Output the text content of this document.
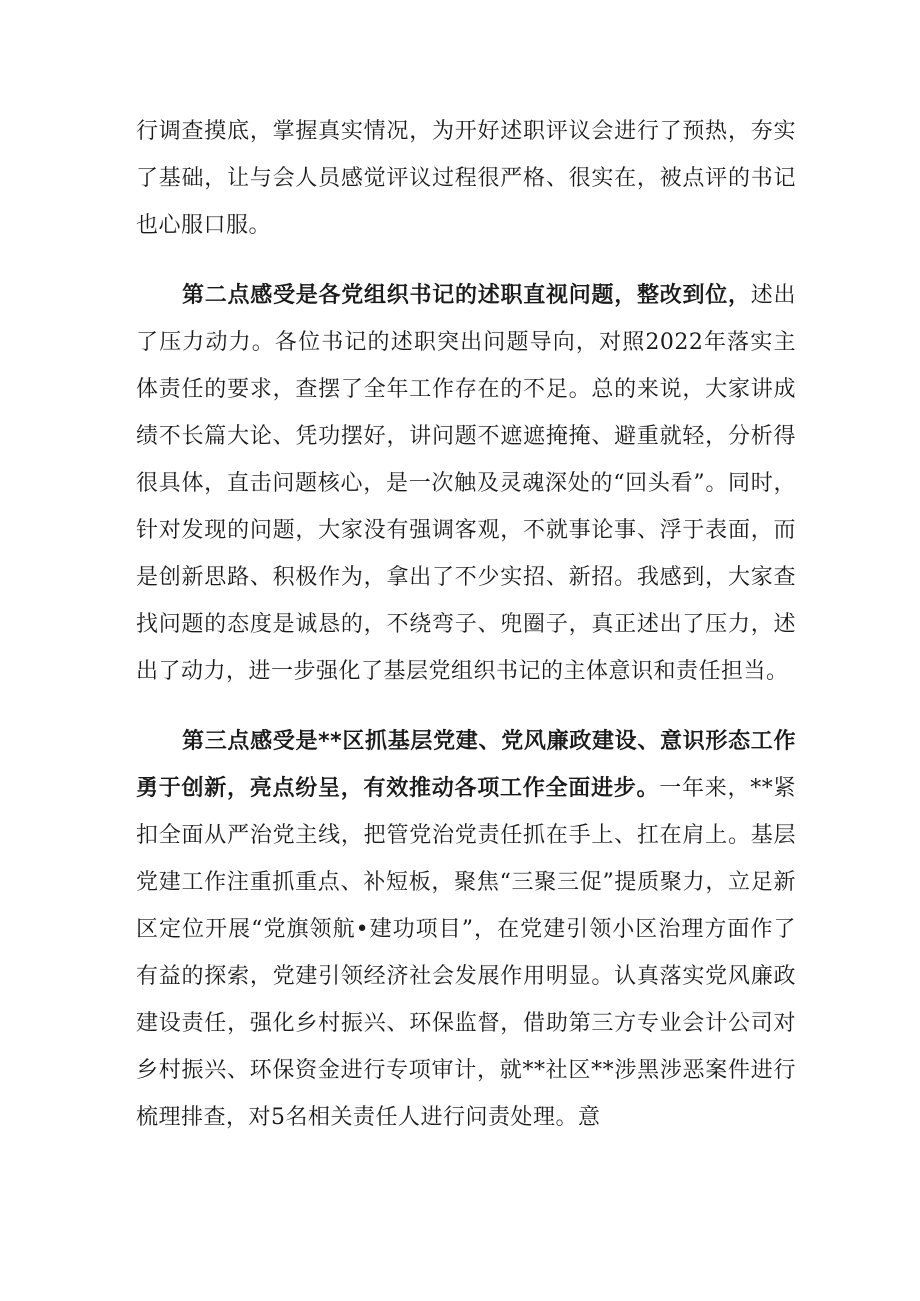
行调查摸底，掌握真实情况，为开好述职评议会进行了预热，夯实了基础，让与会人员感觉评议过程很严格、很实在，被点评的书记也心服口服。

第二点感受是各党组织书记的述职直视问题，整改到位，述出了压力动力。各位书记的述职突出问题导向，对照2022年落实主体责任的要求，查摆了全年工作存在的不足。总的来说，大家讲成绩不长篇大论、凭功摆好，讲问题不遮遮掩掩、避重就轻，分析得很具体，直击问题核心，是一次触及灵魂深处的“回头看”。同时，针对发现的问题，大家没有强调客观，不就事论事、浮于表面，而是创新思路、积极作为，拿出了不少实招、新招。我感到，大家查找问题的态度是诚恳的，不绕弯子、兜圈子，真正述出了压力，述出了动力，进一步强化了基层党组织书记的主体意识和责任担当。

第三点感受是**区抓基层党建、党风廉政建设、意识形态工作勇于创新，亮点纷呈，有效推动各项工作全面进步。一年来，**紧扣全面从严治党主线，把管党治党责任抓在手上、扛在肩上。基层党建工作注重抓重点、补短板，聚焦“三聚三促”提质聚力，立足新区定位开展“党旗领航•建功项目”，在党建引领小区治理方面作了有益的探索，党建引领经济社会发展作用明显。认真落实党风廉政建设责任，强化乡村振兴、环保监督，借助第三方专业会计公司对乡村振兴、环保资金进行专项审计，就**社区**涉黑涉恶案件进行梳理排查，对5名相关责任人进行问责处理。意
